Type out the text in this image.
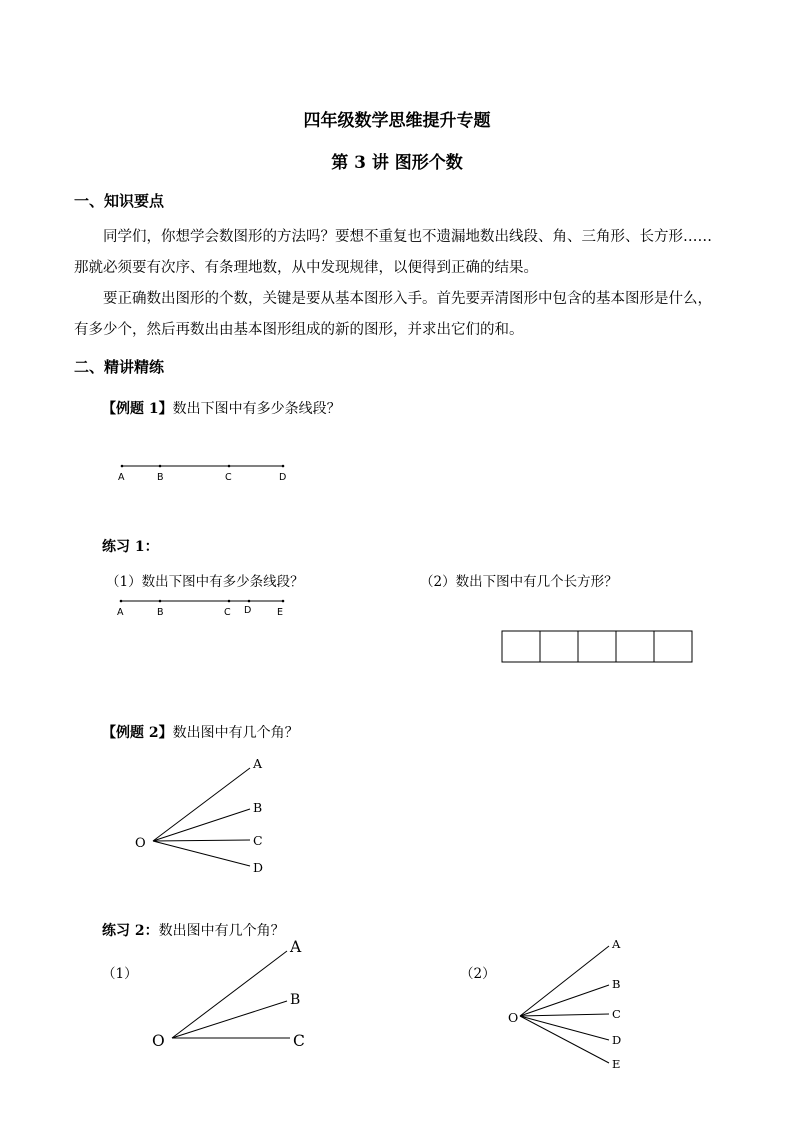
四年级数学思维提升专题
第 3 讲 图形个数
一、知识要点
同学们，你想学会数图形的方法吗？要想不重复也不遗漏地数出线段、角、三角形、长方形……那就必须要有次序、有条理地数，从中发现规律，以便得到正确的结果。
要正确数出图形的个数，关键是要从基本图形入手。首先要弄清图形中包含的基本图形是什么，有多少个，然后再数出由基本图形组成的新的图形，并求出它们的和。
二、精讲精练
【例题 1】数出下图中有多少条线段？
A	B	C	D
A	B	C D	E
O
A
B
C
D
O
A
B
C
O
A
B
C
D
E
练习 1：
（1）数出下图中有多少条线段？	（2）数出下图中有几个长方形？
【例题 2】数出图中有几个角？
练习 2：数出图中有几个角？
（1）	（2）
